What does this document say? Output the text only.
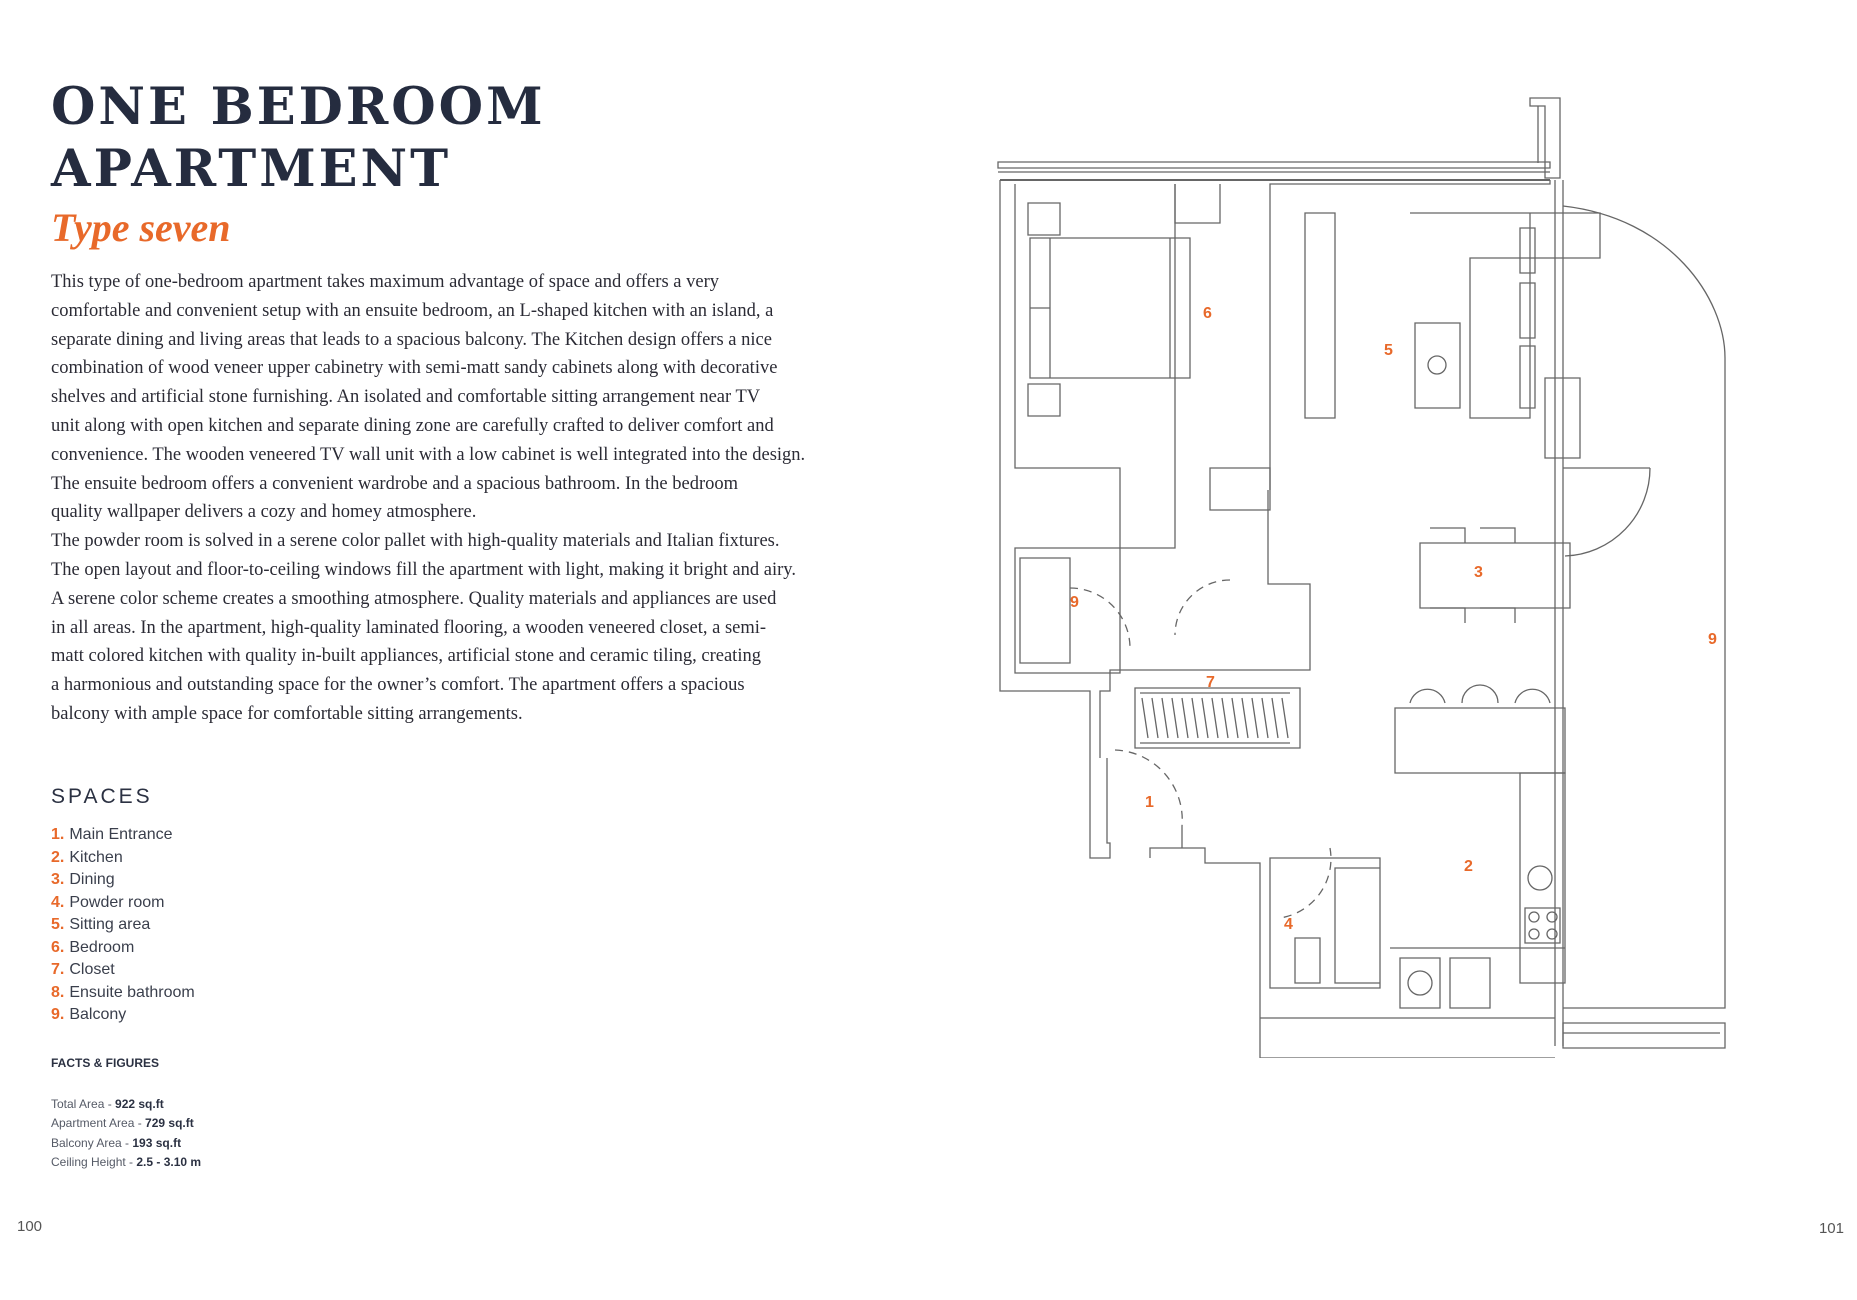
ONE BEDROOM
APARTMENT
Type seven
This type of one-bedroom apartment takes maximum advantage of space and offers a very
comfortable and convenient setup with an ensuite bedroom, an L-shaped kitchen with an island, a
separate dining and living areas that leads to a spacious balcony. The Kitchen design offers a nice
combination of wood veneer upper cabinetry with semi-matt sandy cabinets along with decorative
shelves and artificial stone furnishing. An isolated and comfortable sitting arrangement near TV
unit along with open kitchen and separate dining zone are carefully crafted to deliver comfort and
convenience. The wooden veneered TV wall unit with a low cabinet is well integrated into the design.
The ensuite bedroom offers a convenient wardrobe and a spacious bathroom. In the bedroom
quality wallpaper delivers a cozy and homey atmosphere.
The powder room is solved in a serene color pallet with high-quality materials and Italian fixtures.
The open layout and floor-to-ceiling windows fill the apartment with light, making it bright and airy.
A serene color scheme creates a smoothing atmosphere. Quality materials and appliances are used
in all areas. In the apartment, high-quality laminated flooring, a wooden veneered closet, a semi-
matt colored kitchen with quality in-built appliances, artificial stone and ceramic tiling, creating
a harmonious and outstanding space for the owner’s comfort. The apartment offers a spacious
balcony with ample space for comfortable sitting arrangements.
SPACES
1. Main Entrance
2. Kitchen
3. Dining
4. Powder room
5. Sitting area
6. Bedroom
7. Closet
8. Ensuite bathroom
9. Balcony
FACTS & FIGURES
Total Area - 922 sq.ft
Apartment Area - 729 sq.ft
Balcony Area - 193 sq.ft
Ceiling Height - 2.5 - 3.10 m
100	101
1
2
3
4
5
6
7
9
9
